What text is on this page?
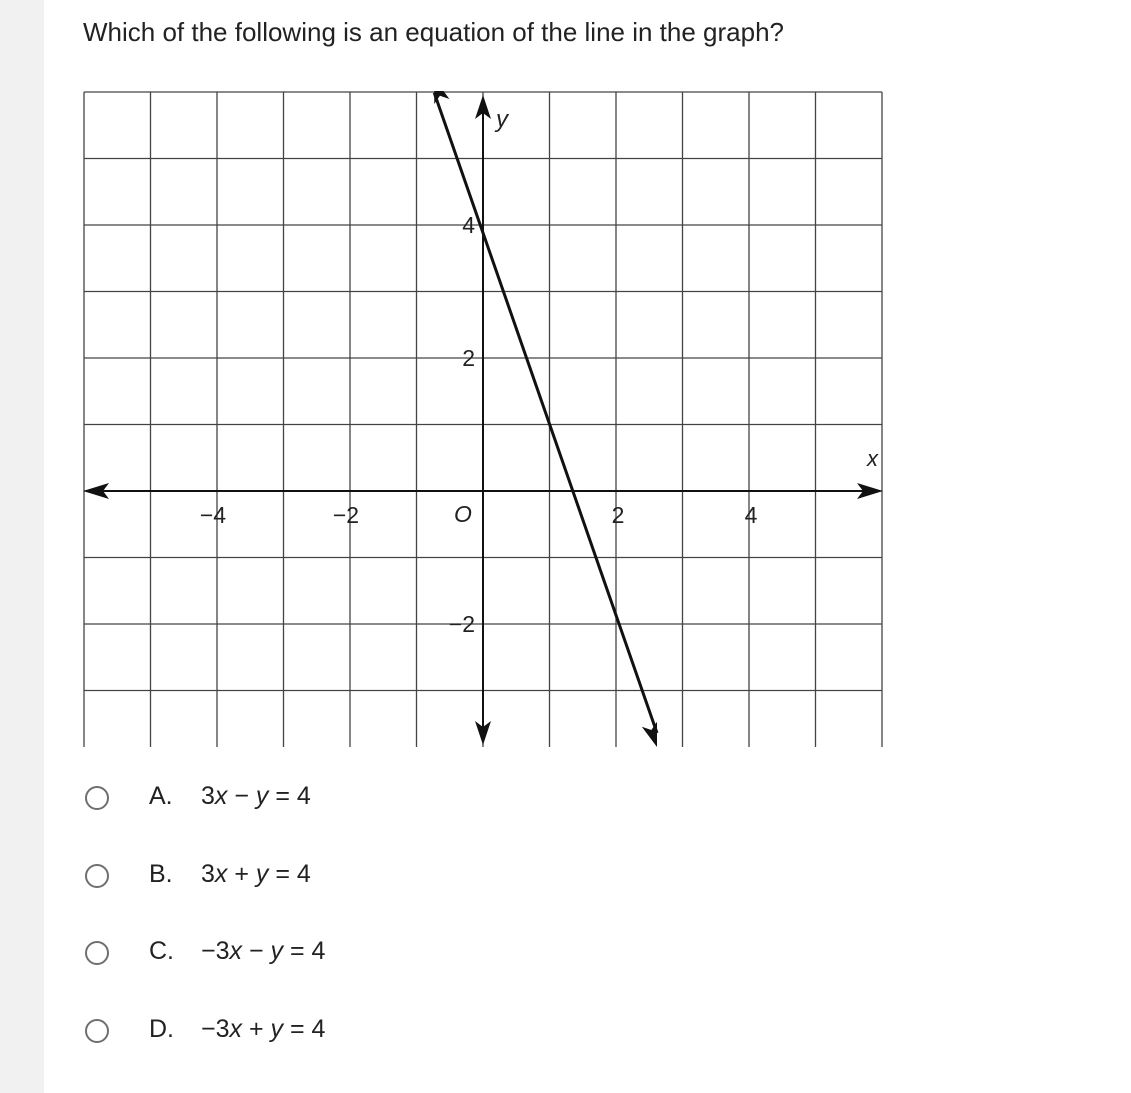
Which of the following is an equation of the line in the graph?
x
y
−4	−2	2	4
4
2
−2
O
A. 3x − y = 4
B. 3x + y = 4
C. −3x − y = 4
D. −3x + y = 4
